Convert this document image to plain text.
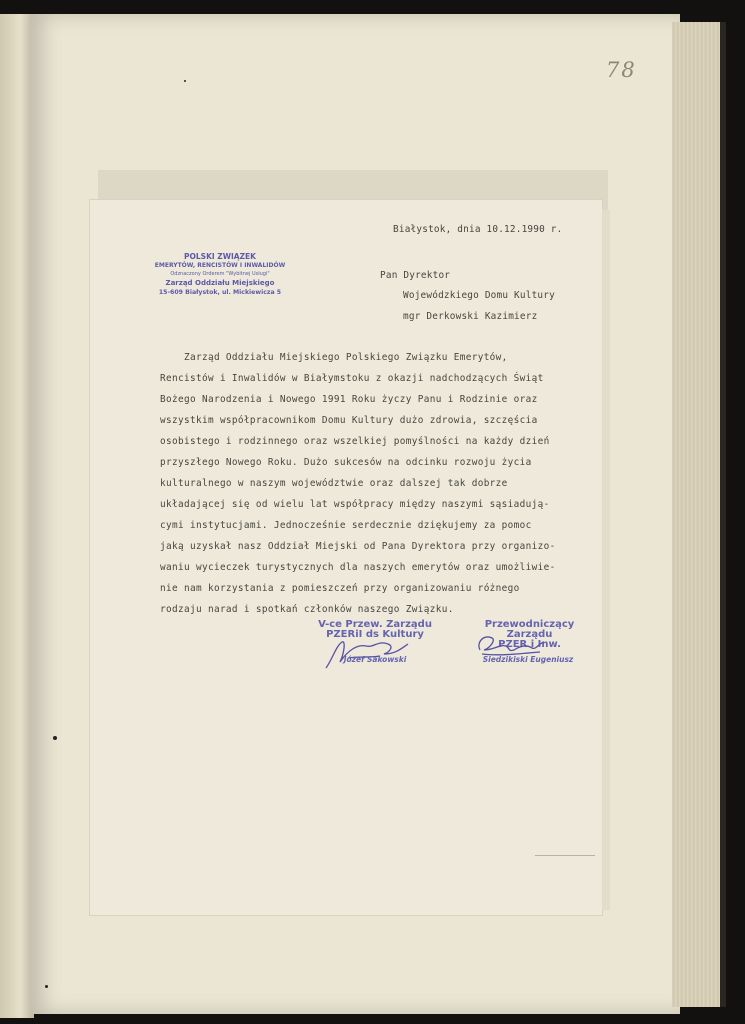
78
Białystok, dnia 10.12.1990 r.
Pan Dyrektor
Wojewódzkiego Domu Kultury
mgr Derkowski Kazimierz
POLSKI ZWIĄZEK
EMERYTÓW, RENCISTÓW I INWALIDÓW
Odznaczony Orderem "Wybitnej Usługi"
Zarząd Oddziału Miejskiego
15-609 Białystok, ul. Mickiewicza 5
Zarząd Oddziału Miejskiego Polskiego Związku Emerytów,
Rencistów i Inwalidów w Białymstoku z okazji nadchodzących Świąt
Bożego Narodzenia i Nowego 1991 Roku życzy Panu i Rodzinie oraz
wszystkim współpracownikom Domu Kultury dużo zdrowia, szczęścia
osobistego i rodzinnego oraz wszelkiej pomyślności na każdy dzień
przyszłego Nowego Roku. Dużo sukcesów na odcinku rozwoju życia
kulturalnego w naszym województwie oraz dalszej tak dobrze
układającej się od wielu lat współpracy między naszymi sąsiadują-
cymi instytucjami. Jednocześnie serdecznie dziękujemy za pomoc
jaką uzyskał nasz Oddział Miejski od Pana Dyrektora przy organizo-
waniu wycieczek turystycznych dla naszych emerytów oraz umożliwie-
nie nam korzystania z pomieszczeń przy organizowaniu różnego
rodzaju narad i spotkań członków naszego Związku.
V-ce Przew. Zarządu
PZERiI ds Kultury
Józef Sakowski
Przewodniczący Zarządu
PZER i Inw.
Siedzikiski Eugeniusz
